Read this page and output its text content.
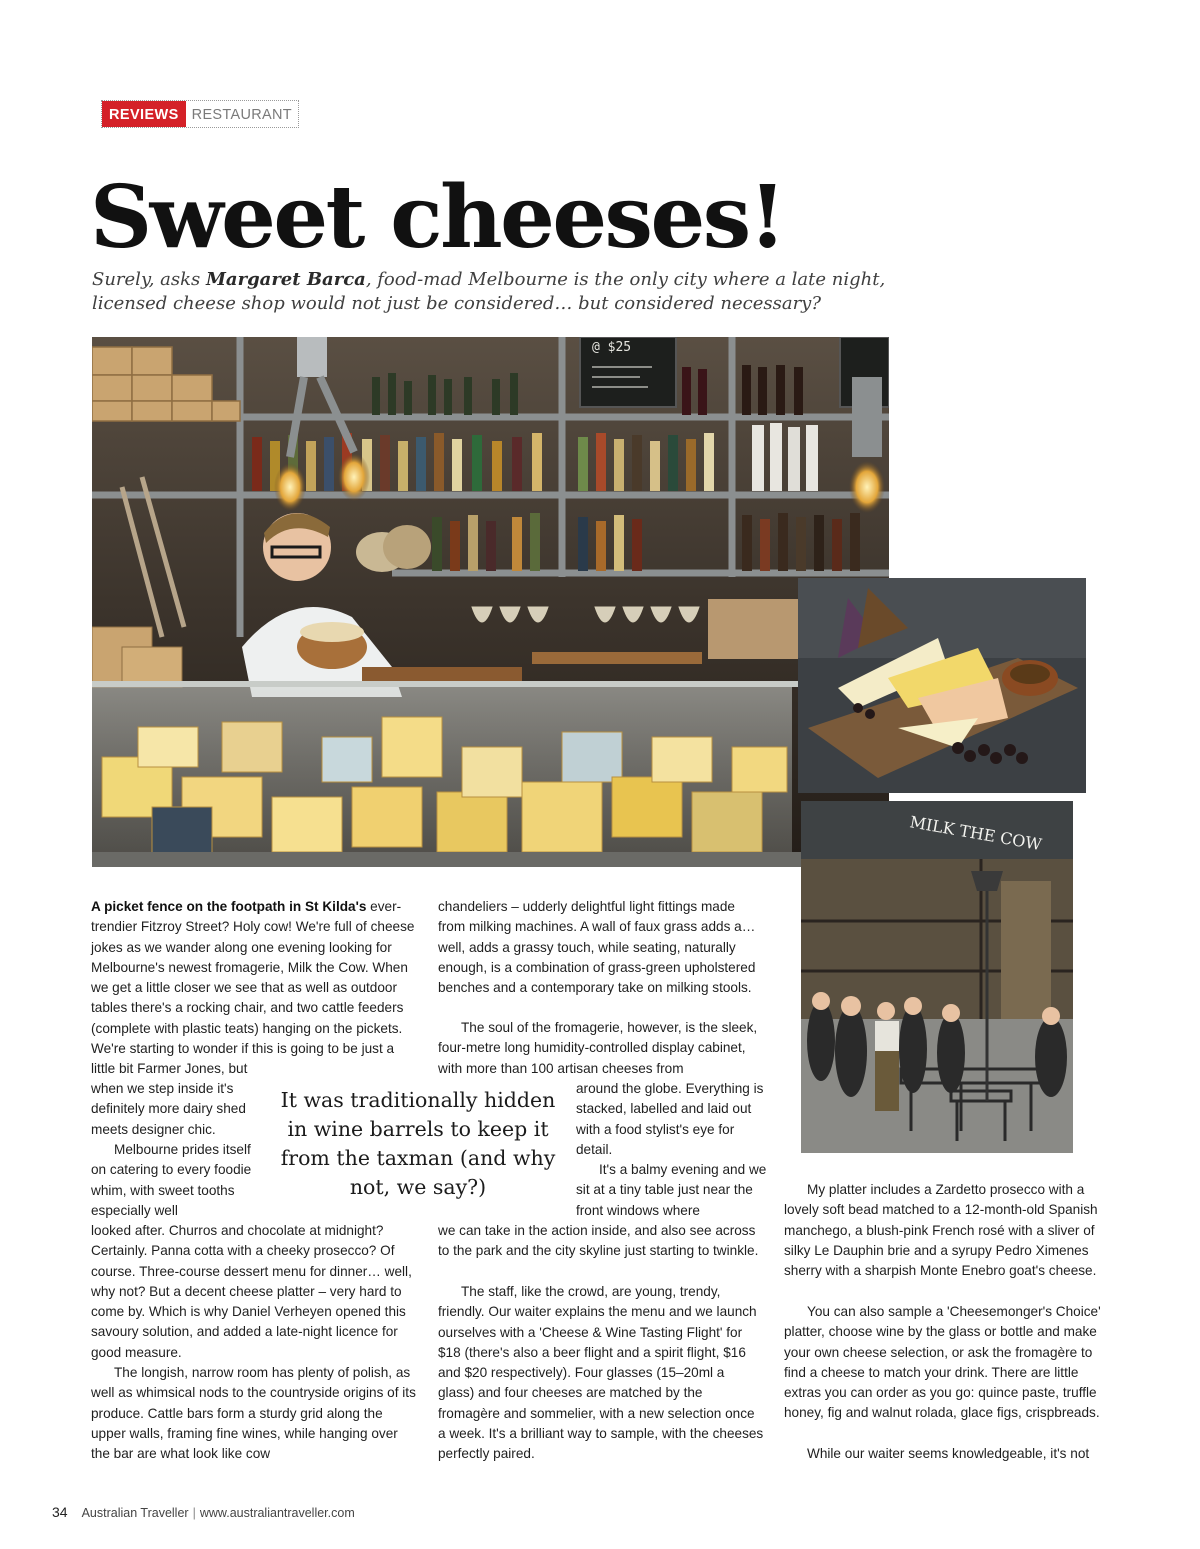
REVIEWS RESTAURANT
Sweet cheeses!

Surely, asks Margaret Barca, food-mad Melbourne is the only city where a late night, licensed cheese shop would not just be considered… but considered necessary?

@ $25
MILK THE COW

A picket fence on the footpath in St Kilda's ever-trendier Fitzroy Street? Holy cow! We're full of cheese jokes as we wander along one evening looking for Melbourne's newest fromagerie, Milk the Cow. When we get a little closer we see that as well as outdoor tables there's a rocking chair, and two cattle feeders (complete with plastic teats) hanging on the pickets. We're starting to wonder if this is going to be just a little bit Farmer Jones, but

when we step inside it's definitely more dairy shed meets designer chic.

Melbourne prides itself on catering to every foodie whim, with sweet tooths especially well

looked after. Churros and chocolate at midnight? Certainly. Panna cotta with a cheeky prosecco? Of course. Three-course dessert menu for dinner… well, why not? But a decent cheese platter – very hard to come by. Which is why Daniel Verheyen opened this savoury solution, and added a late-night licence for good measure.

The longish, narrow room has plenty of polish, as well as whimsical nods to the countryside origins of its produce. Cattle bars form a sturdy grid along the upper walls, framing fine wines, while hanging over the bar are what look like cow

chandeliers – udderly delightful light fittings made from milking machines. A wall of faux grass adds a… well, adds a grassy touch, while seating, naturally enough, is a combination of grass-green upholstered benches and a contemporary take on milking stools.

The soul of the fromagerie, however, is the sleek, four-metre long humidity-controlled display cabinet, with more than 100 artisan cheeses from

around the globe. Everything is stacked, labelled and laid out with a food stylist's eye for detail.

It's a balmy evening and we sit at a tiny table just near the front windows where

we can take in the action inside, and also see across to the park and the city skyline just starting to twinkle.

The staff, like the crowd, are young, trendy, friendly. Our waiter explains the menu and we launch ourselves with a 'Cheese & Wine Tasting Flight' for $18 (there's also a beer flight and a spirit flight, $16 and $20 respectively). Four glasses (15–20ml a glass) and four cheeses are matched by the fromagère and sommelier, with a new selection once a week. It's a brilliant way to sample, with the cheeses perfectly paired.

It was traditionally hidden in wine barrels to keep it from the taxman (and why not, we say?)	My platter includes a Zardetto prosecco with a lovely soft bead matched to a 12-month-old Spanish manchego, a blush-pink French rosé with a sliver of silky Le Dauphin brie and a syrupy Pedro Ximenes sherry with a sharpish Monte Enebro goat's cheese.

You can also sample a 'Cheesemonger's Choice' platter, choose wine by the glass or bottle and make your own cheese selection, or ask the fromagère to find a cheese to match your drink. There are little extras you can order as you go: quince paste, truffle honey, fig and walnut rolada, glace figs, crispbreads.

While our waiter seems knowledgeable, it's not

34 Australian Traveller | www.australiantraveller.com
